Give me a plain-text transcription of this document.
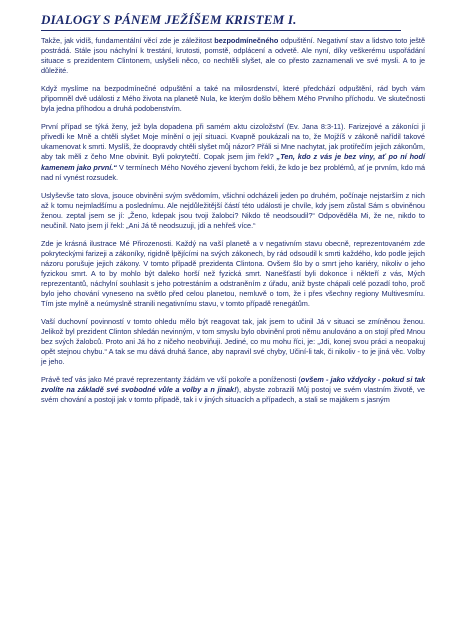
DIALOGY S PÁNEM JEŽÍŠEM KRISTEM I.

Takže, jak vidíš, fundamentální věcí zde je záležitost bezpodmínečného odpuštění. Negativní stav a lidstvo toto ještě postrádá. Stále jsou náchylní k trestání, krutosti, pomstě, odplácení a odvetě. Ale nyní, díky veškerému uspořádání situace s prezidentem Clintonem, uslyšeli něco, co nechtěli slyšet, ale co přesto zaznamenali ve své mysli. A to je důležité.

Když myslíme na bezpodmínečné odpuštění a také na milosrdenství, které předchází odpuštění, rád bych vám připomněl dvě události z Mého života na planetě Nula, ke kterým došlo během Mého Prvního příchodu. Ve skutečnosti byla jedna příhodou a druhá podobenstvím.

První případ se týká ženy, jež byla dopadena při samém aktu cizoložství (Ev. Jana 8:3-11). Farizejové a zákoníci ji přivedli ke Mně a chtěli slyšet Moje mínění o její situaci. Kvapně poukázali na to, že Mojžíš v zákoně nařídil takové ukamenovat k smrti. Myslíš, že doopravdy chtěli slyšet můj názor? Přáli si Mne nachytat, jak protiřečím jejich zákonům, aby tak měli z čeho Mne obvinit. Byli pokrytečtí. Copak jsem jim řekl? „Ten, kdo z vás je bez viny, ať po ní hodí kamenem jako první.“ V termínech Mého Nového zjevení bychom řekli, že kdo je bez problémů, ať je prvním, kdo má nad ní vynést rozsudek.

Uslyševše tato slova, jsouce obviněni svým svědomím, všichni odcházeli jeden po druhém, počínaje nejstarším z nich až k tomu nejmladšímu a poslednímu. Ale nejdůležitější částí této události je chvíle, kdy jsem zůstal Sám s obviněnou ženou. zeptal jsem se jí: „Ženo, kdepak jsou tvoji žalobci? Nikdo tě neodsoudil?“ Odpověděla Mi, že ne, nikdo to neučinil. Nato jsem jí řekl: „Ani Já tě neodsuzuji, jdi a nehřeš více.“

Zde je krásná ilustrace Mé Přirozenosti. Každý na vaší planetě a v negativním stavu obecně, reprezentovaném zde pokryteckými farizeji a zákoníky, rigidně lpějícími na svých zákonech, by rád odsoudil k smrti každého, kdo podle jejich názoru porušuje jejich zákony. V tomto případě prezidenta Clintona. Ovšem šlo by o smrt jeho kariéry, nikoliv o jeho fyzickou smrt. A to by mohlo být daleko horší než fyzická smrt. Nanešťastí byli dokonce i někteří z vás, Mých reprezentantů, náchylní souhlasit s jeho potrestáním a odstraněním z úřadu, aniž byste chápali celé pozadí toho, proč bylo jeho chování vyneseno na světlo před celou planetou, nemluvě o tom, že i přes všechny regiony Multivesmíru. Tím jste mylně a neúmyslně stranili negativnímu stavu, v tomto případě renegátům.

Vaší duchovní povinností v tomto ohledu mělo být reagovat tak, jak jsem to učinil Já v situaci se zmíněnou ženou. Jelikož byl prezident Clinton shledán nevinným, v tom smyslu bylo obvinění proti němu anulováno a on stojí před Mnou bez svých žalobců. Proto ani Já ho z ničeho neobviňuji. Jediné, co mu mohu říci, je: „Jdi, konej svou práci a neopakuj opět stejnou chybu.“ A tak se mu dává druhá šance, aby napravil své chyby, Učiní-li tak, či nikoliv - to je jiná věc. Volby je jeho.

Právě teď vás jako Mé pravé reprezentanty žádám ve vší pokoře a poníženosti (ovšem - jako vždycky - pokud si tak zvolíte na základě své svobodné vůle a volby a n jinak!), abyste zobrazili Můj postoj ve svém vlastním životě, ve svém chování a postoji jak v tomto případě, tak i v jiných situacích a případech, a stali se majákem s jasným
